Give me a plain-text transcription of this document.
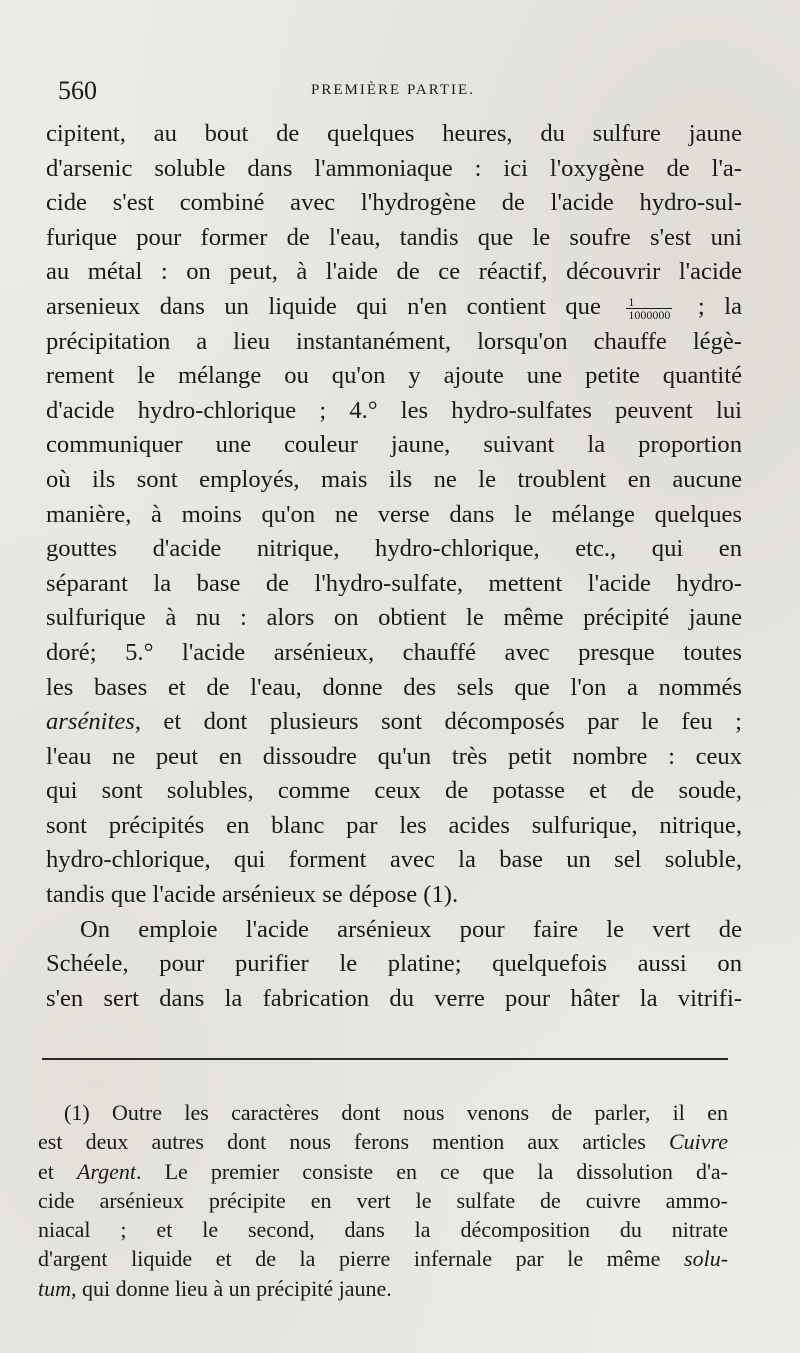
560	PREMIÈRE PARTIE.
cipitent, au bout de quelques heures, du sulfure jaune
d'arsenic soluble dans l'ammoniaque : ici l'oxygène de l'a-
cide s'est combiné avec l'hydrogène de l'acide hydro-sul-
furique pour former de l'eau, tandis que le soufre s'est uni
au métal : on peut, à l'aide de ce réactif, découvrir l'acide
arsenieux dans un liquide qui n'en contient que $\frac{1}{1000000}$ ; la
précipitation a lieu instantanément, lorsqu'on chauffe légè-
rement le mélange ou qu'on y ajoute une petite quantité
d'acide hydro-chlorique ; 4.° les hydro-sulfates peuvent lui
communiquer une couleur jaune, suivant la proportion
où ils sont employés, mais ils ne le troublent en aucune
manière, à moins qu'on ne verse dans le mélange quelques
gouttes d'acide nitrique, hydro-chlorique, etc., qui en
séparant la base de l'hydro-sulfate, mettent l'acide hydro-
sulfurique à nu : alors on obtient le même précipité jaune
doré; 5.° l'acide arsénieux, chauffé avec presque toutes
les bases et de l'eau, donne des sels que l'on a nommés
arsénites, et dont plusieurs sont décomposés par le feu ;
l'eau ne peut en dissoudre qu'un très petit nombre : ceux
qui sont solubles, comme ceux de potasse et de soude,
sont précipités en blanc par les acides sulfurique, nitrique,
hydro-chlorique, qui forment avec la base un sel soluble,
tandis que l'acide arsénieux se dépose (1).
On emploie l'acide arsénieux pour faire le vert de
Schéele, pour purifier le platine; quelquefois aussi on
s'en sert dans la fabrication du verre pour hâter la vitrifi-
(1) Outre les caractères dont nous venons de parler, il en
est deux autres dont nous ferons mention aux articles Cuivre
et Argent. Le premier consiste en ce que la dissolution d'a-
cide arsénieux précipite en vert le sulfate de cuivre ammo-
niacal ; et le second, dans la décomposition du nitrate
d'argent liquide et de la pierre infernale par le même solu-
tum, qui donne lieu à un précipité jaune.
